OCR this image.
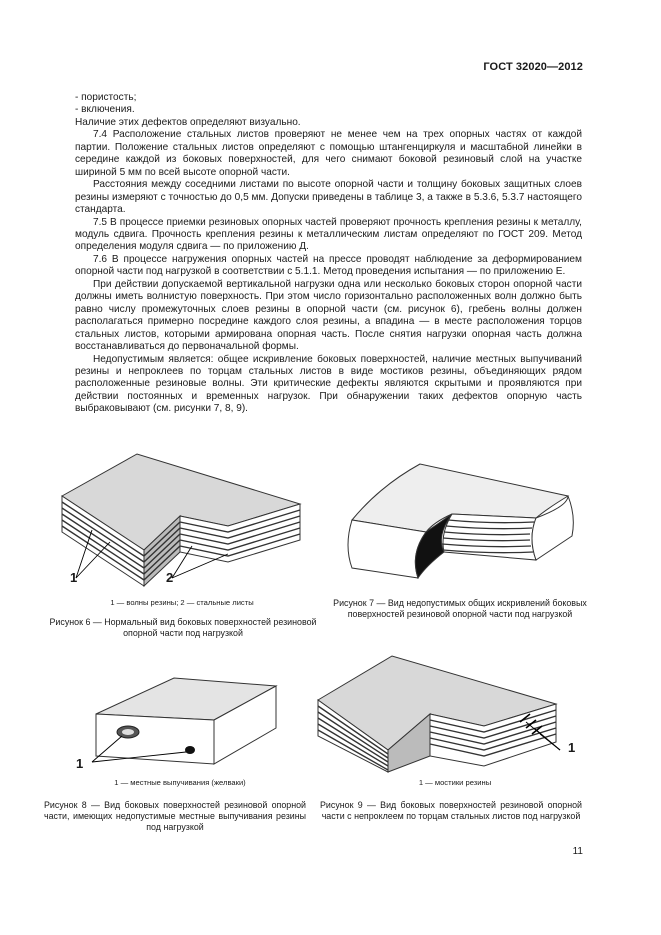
ГОСТ 32020—2012

- пористость;

- включения.

Наличие этих дефектов определяют визуально.

7.4 Расположение стальных листов проверяют не менее чем на трех опорных частях от каждой партии. Положение стальных листов определяют с помощью штангенциркуля и масштабной линейки в середине каждой из боковых поверхностей, для чего снимают боковой резиновый слой на участке шириной 5 мм по всей высоте опорной части.

Расстояния между соседними листами по высоте опорной части и толщину боковых защитных слоев резины измеряют с точностью до 0,5 мм. Допуски приведены в таблице 3, а также в 5.3.6, 5.3.7 настоящего стандарта.

7.5 В процессе приемки резиновых опорных частей проверяют прочность крепления резины к металлу, модуль сдвига. Прочность крепления резины к металлическим листам определяют по ГОСТ 209. Метод определения модуля сдвига — по приложению Д.

7.6 В процессе нагружения опорных частей на прессе проводят наблюдение за деформированием опорной части под нагрузкой в соответствии с 5.1.1. Метод проведения испытания — по приложению Е.

При действии допускаемой вертикальной нагрузки одна или несколько боковых сторон опорной части должны иметь волнистую поверхность. При этом число горизонтально расположенных волн должно быть равно числу промежуточных слоев резины в опорной части (см. рисунок 6), гребень волны должен располагаться примерно посредине каждого слоя резины, а впадина — в месте расположения торцов стальных листов, которыми армирована опорная часть. После снятия нагрузки опорная часть должна восстанавливаться до первоначальной формы.

Недопустимым является: общее искривление боковых поверхностей, наличие местных выпучиваний резины и непроклеев по торцам стальных листов в виде мостиков резины, объединяющих рядом расположенные резиновые волны. Эти критические дефекты являются скрытыми и проявляются при действии постоянных и временных нагрузок. При обнаружении таких дефектов опорную часть выбраковывают (см. рисунки 7, 8, 9).

1	2
1 — волны резины; 2 — стальные листы
Рисунок 6 — Нормальный вид боковых поверхностей резиновой опорной части под нагрузкой
Рисунок 7 — Вид недопустимых общих искривлений боковых поверхностей резиновой опорной части под нагрузкой
1
1 — местные выпучивания (желваки)
Рисунок 8 — Вид боковых поверхностей резиновой опорной части, имеющих недопустимые местные выпучивания резины под нагрузкой
1
1 — мостики резины
Рисунок 9 — Вид боковых поверхностей резиновой опорной части с непроклеем по торцам стальных листов под нагрузкой
11
